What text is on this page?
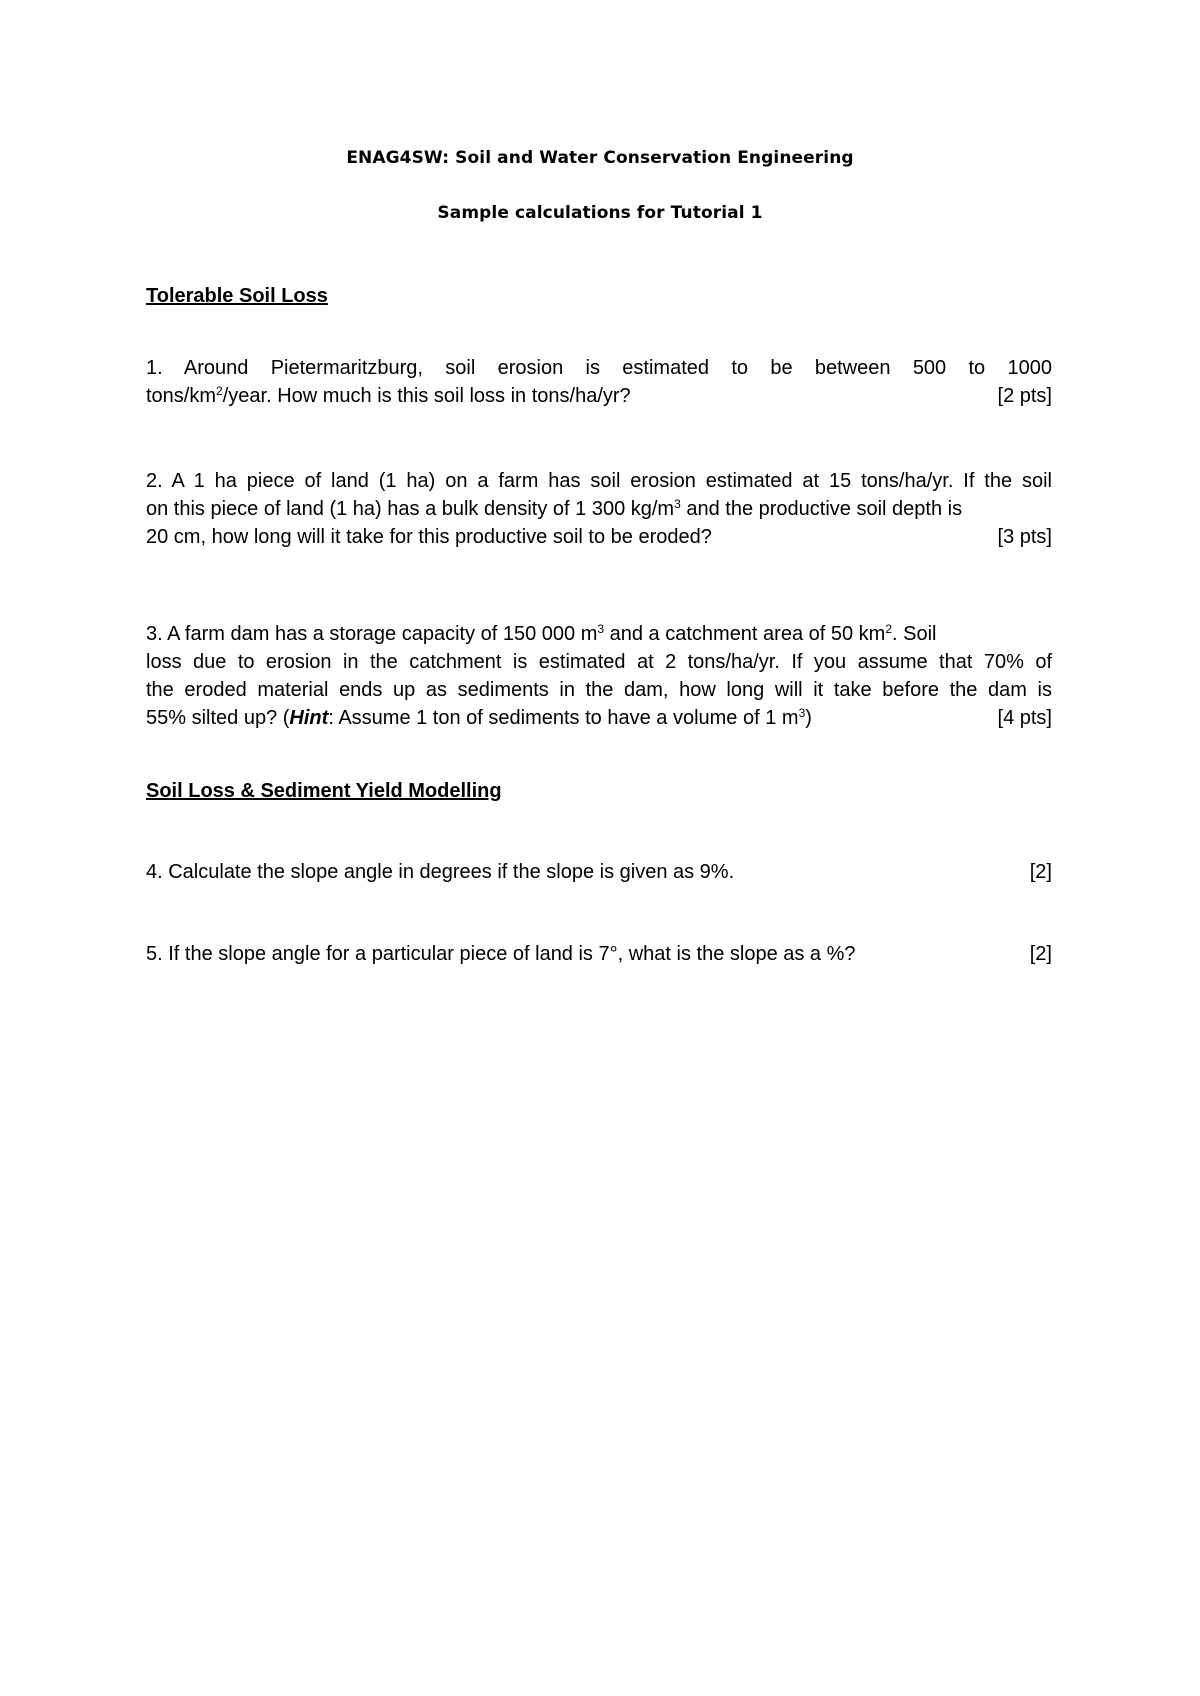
ENAG4SW: Soil and Water Conservation Engineering
Sample calculations for Tutorial 1
Tolerable Soil Loss
1. Around Pietermaritzburg, soil erosion is estimated to be between 500 to 1000
tons/$km^2$/year. How much is this soil loss in tons/ha/yr?	[2 pts]
2. A 1 ha piece of land (1 ha) on a farm has soil erosion estimated at 15 tons/ha/yr. If the soil
on this piece of land (1 ha) has a bulk density of 1 300 $kg/m^3$ and the productive soil depth is
20 cm, how long will it take for this productive soil to be eroded?	[3 pts]
3. A farm dam has a storage capacity of 150 000 $m^3$ and a catchment area of 50 $km^2$. Soil
loss due to erosion in the catchment is estimated at 2 tons/ha/yr. If you assume that 70% of
the eroded material ends up as sediments in the dam, how long will it take before the dam is
55% silted up? (Hint: Assume 1 ton of sediments to have a volume of 1 $m^3$)	[4 pts]
Soil Loss & Sediment Yield Modelling
4. Calculate the slope angle in degrees if the slope is given as 9%.	[2]
5. If the slope angle for a particular piece of land is 7°, what is the slope as a %?	[2]
